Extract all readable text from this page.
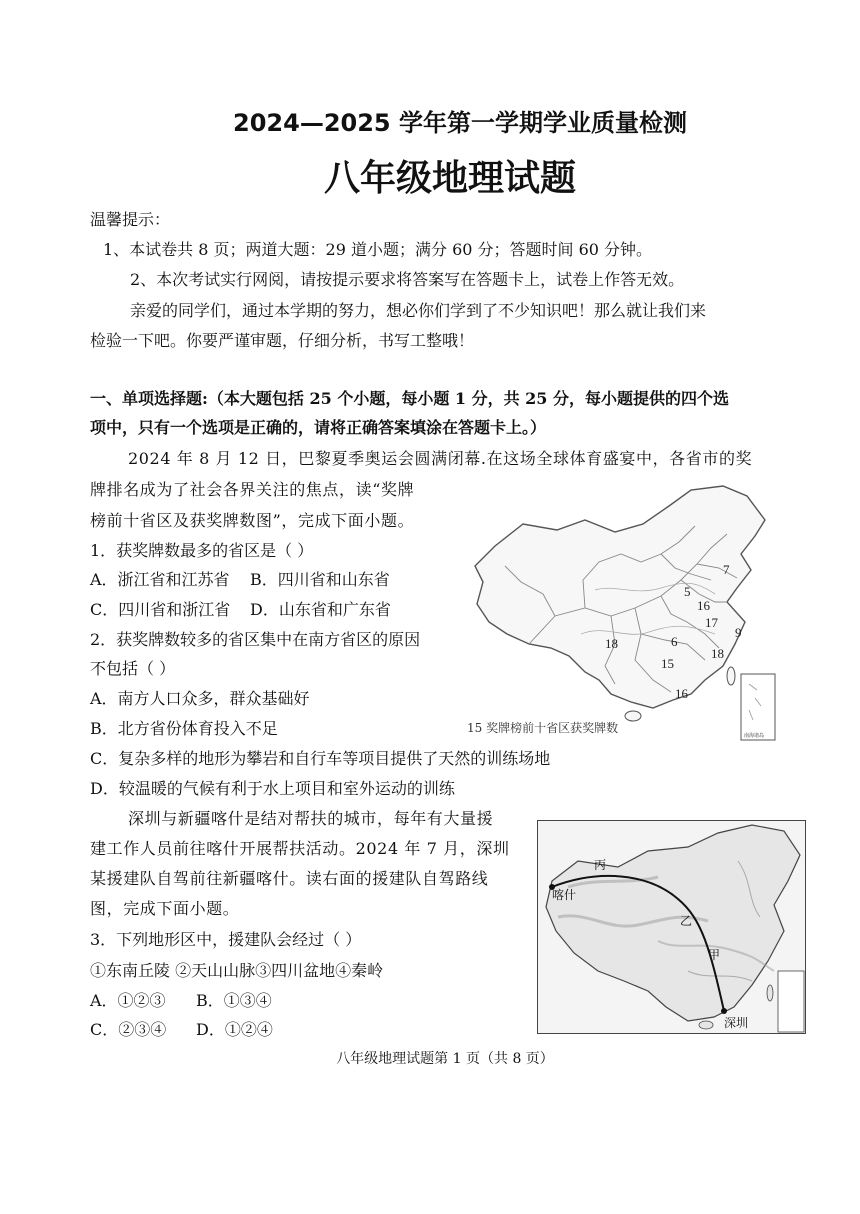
2024—2025 学年第一学期学业质量检测
八年级地理试题
温馨提示：
1、本试卷共 8 页；两道大题：29 道小题；满分 60 分；答题时间 60 分钟。
2、本次考试实行网阅，请按提示要求将答案写在答题卡上，试卷上作答无效。
亲爱的同学们，通过本学期的努力，想必你们学到了不少知识吧！那么就让我们来
检验一下吧。你要严谨审题，仔细分析，书写工整哦！
一、单项选择题:（本大题包括 25 个小题，每小题 1 分，共 25 分，每小题提供的四个选
项中，只有一个选项是正确的，请将正确答案填涂在答题卡上。）
2024 年 8 月 12 日，巴黎夏季奥运会圆满闭幕.在这场全球体育盛宴中，各省市的奖
牌排名成为了社会各界关注的焦点，读“奖牌
榜前十省区及获奖牌数图”，完成下面小题。
1．获奖牌数最多的省区是（ ）
A．浙江省和江苏省 B．四川省和山东省
C．四川省和浙江省 D．山东省和广东省
2．获奖牌数较多的省区集中在南方省区的原因
不包括（ ）
A．南方人口众多，群众基础好
B．北方省份体育投入不足
C．复杂多样的地形为攀岩和自行车等项目提供了天然的训练场地
D．较温暖的气候有利于水上项目和室外运动的训练
7
5
16
17
9
6
18
18
15
16
15 奖牌榜前十省区获奖牌数
南海诸岛
深圳与新疆喀什是结对帮扶的城市，每年有大量援
建工作人员前往喀什开展帮扶活动。2024 年 7 月，深圳
某援建队自驾前往新疆喀什。读右面的援建队自驾路线
图，完成下面小题。
3．下列地形区中，援建队会经过（ ）
①东南丘陵 ②天山山脉③四川盆地④秦岭
A．①②③ B．①③④
C．②③④ D．①②④
丙
喀什
乙
甲
深圳
八年级地理试题第 1 页（共 8 页）
